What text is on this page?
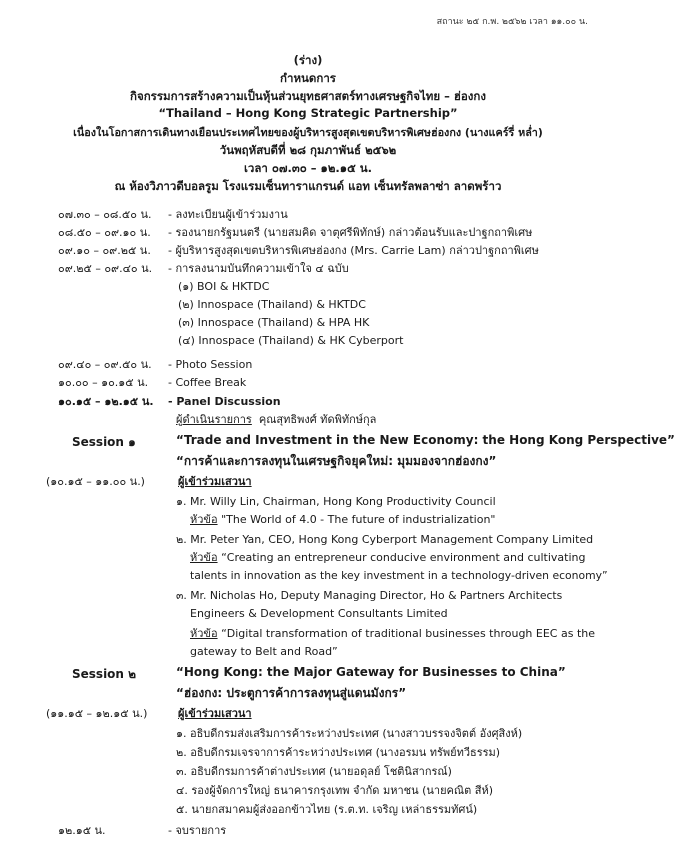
สถานะ ๒๕ ก.พ. ๒๕๖๒ เวลา ๑๑.๐๐ น.
(ร่าง)
กำหนดการ
กิจกรรมการสร้างความเป็นหุ้นส่วนยุทธศาสตร์ทางเศรษฐกิจไทย – ฮ่องกง
“Thailand – Hong Kong Strategic Partnership”
เนื่องในโอกาสการเดินทางเยือนประเทศไทยของผู้บริหารสูงสุดเขตบริหารพิเศษฮ่องกง (นางแคร์รี่ หล่ำ)
วันพฤหัสบดีที่ ๒๘ กุมภาพันธ์ ๒๕๖๒
เวลา ๐๗.๓๐ – ๑๒.๑๕ น.
ณ ห้องวิภาวดีบอลรูม โรงแรมเซ็นทาราแกรนด์ แอท เซ็นทรัลพลาซ่า ลาดพร้าว
๐๗.๓๐ – ๐๘.๕๐ น. - ลงทะเบียนผู้เข้าร่วมงาน
๐๘.๕๐ – ๐๙.๑๐ น. - รองนายกรัฐมนตรี (นายสมคิด จาตุศรีพิทักษ์) กล่าวต้อนรับและปาฐกถาพิเศษ
๐๙.๑๐ – ๐๙.๒๕ น. - ผู้บริหารสูงสุดเขตบริหารพิเศษฮ่องกง (Mrs. Carrie Lam) กล่าวปาฐกถาพิเศษ
๐๙.๒๕ – ๐๙.๔๐ น. - การลงนามบันทึกความเข้าใจ ๔ ฉบับ
(๑) BOI & HKTDC
(๒) Innospace (Thailand) & HKTDC
(๓) Innospace (Thailand) & HPA HK
(๔) Innospace (Thailand) & HK Cyberport
๐๙.๔๐ – ๐๙.๕๐ น. - Photo Session
๑๐.๐๐ – ๑๐.๑๕ น. - Coffee Break
๑๐.๑๕ – ๑๒.๑๕ น. - Panel Discussion
ผู้ดำเนินรายการ คุณสุทธิพงศ์ ทัดพิทักษ์กุล
Session ๑	“Trade and Investment in the New Economy: the Hong Kong Perspective”
“การค้าและการลงทุนในเศรษฐกิจยุคใหม่: มุมมองจากฮ่องกง”
(๑๐.๑๕ – ๑๑.๐๐ น.)	ผู้เข้าร่วมเสวนา
๑. Mr. Willy Lin, Chairman, Hong Kong Productivity Council
หัวข้อ "The World of 4.0 - The future of industrialization"
๒. Mr. Peter Yan, CEO, Hong Kong Cyberport Management Company Limited
หัวข้อ “Creating an entrepreneur conducive environment and cultivating
talents in innovation as the key investment in a technology-driven economy”
๓. Mr. Nicholas Ho, Deputy Managing Director, Ho & Partners Architects
Engineers & Development Consultants Limited
หัวข้อ “Digital transformation of traditional businesses through EEC as the
gateway to Belt and Road”
Session ๒	“Hong Kong: the Major Gateway for Businesses to China”
“ฮ่องกง: ประตูการค้าการลงทุนสู่แดนมังกร”
(๑๑.๑๕ – ๑๒.๑๕ น.)	ผู้เข้าร่วมเสวนา
๑. อธิบดีกรมส่งเสริมการค้าระหว่างประเทศ (นางสาวบรรจงจิตต์ อังศุสิงห์)
๒. อธิบดีกรมเจรจาการค้าระหว่างประเทศ (นางอรมน ทรัพย์ทวีธรรม)
๓. อธิบดีกรมการค้าต่างประเทศ (นายอดุลย์ โชตินิสากรณ์)
๔. รองผู้จัดการใหญ่ ธนาคารกรุงเทพ จำกัด มหาชน (นายคณิต สีห์)
๕. นายกสมาคมผู้ส่งออกข้าวไทย (ร.ต.ท. เจริญ เหล่าธรรมทัศน์)
๑๒.๑๕ น.	- จบรายการ
